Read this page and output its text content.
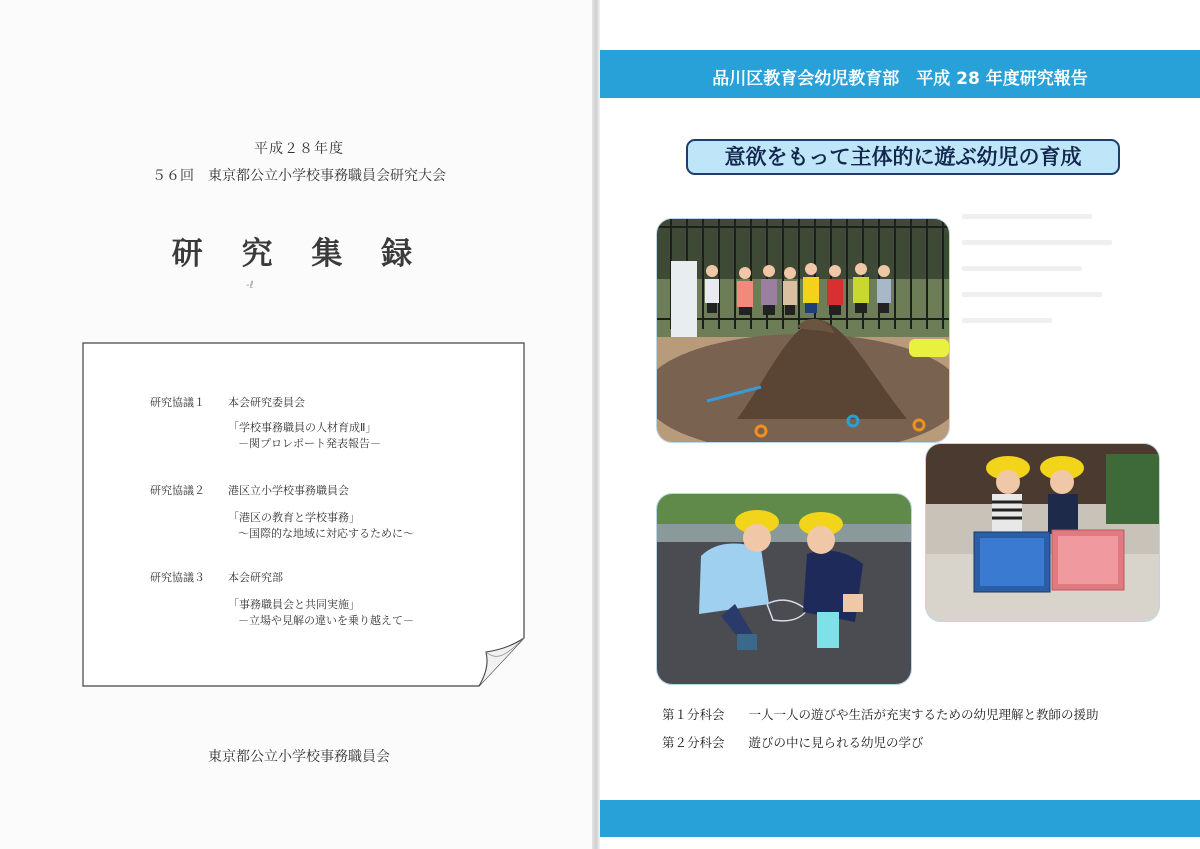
平成２８年度
５６回　東京都公立小学校事務職員会研究大会
研 究 集 録
‐ℓ
研究協議１ 本会研究委員会
「学校事務職員の人材育成Ⅱ」
－関プロレポート発表報告－
研究協議２ 港区立小学校事務職員会
「港区の教育と学校事務」
～国際的な地域に対応するために～
研究協議３ 本会研究部
「事務職員会と共同実施」
－立場や見解の違いを乗り越えて－
東京都公立小学校事務職員会
品川区教育会幼児教育部　平成 28 年度研究報告
意欲をもって主体的に遊ぶ幼児の育成
第１分科会 一人一人の遊びや生活が充実するための幼児理解と教師の援助
第２分科会 遊びの中に見られる幼児の学び
